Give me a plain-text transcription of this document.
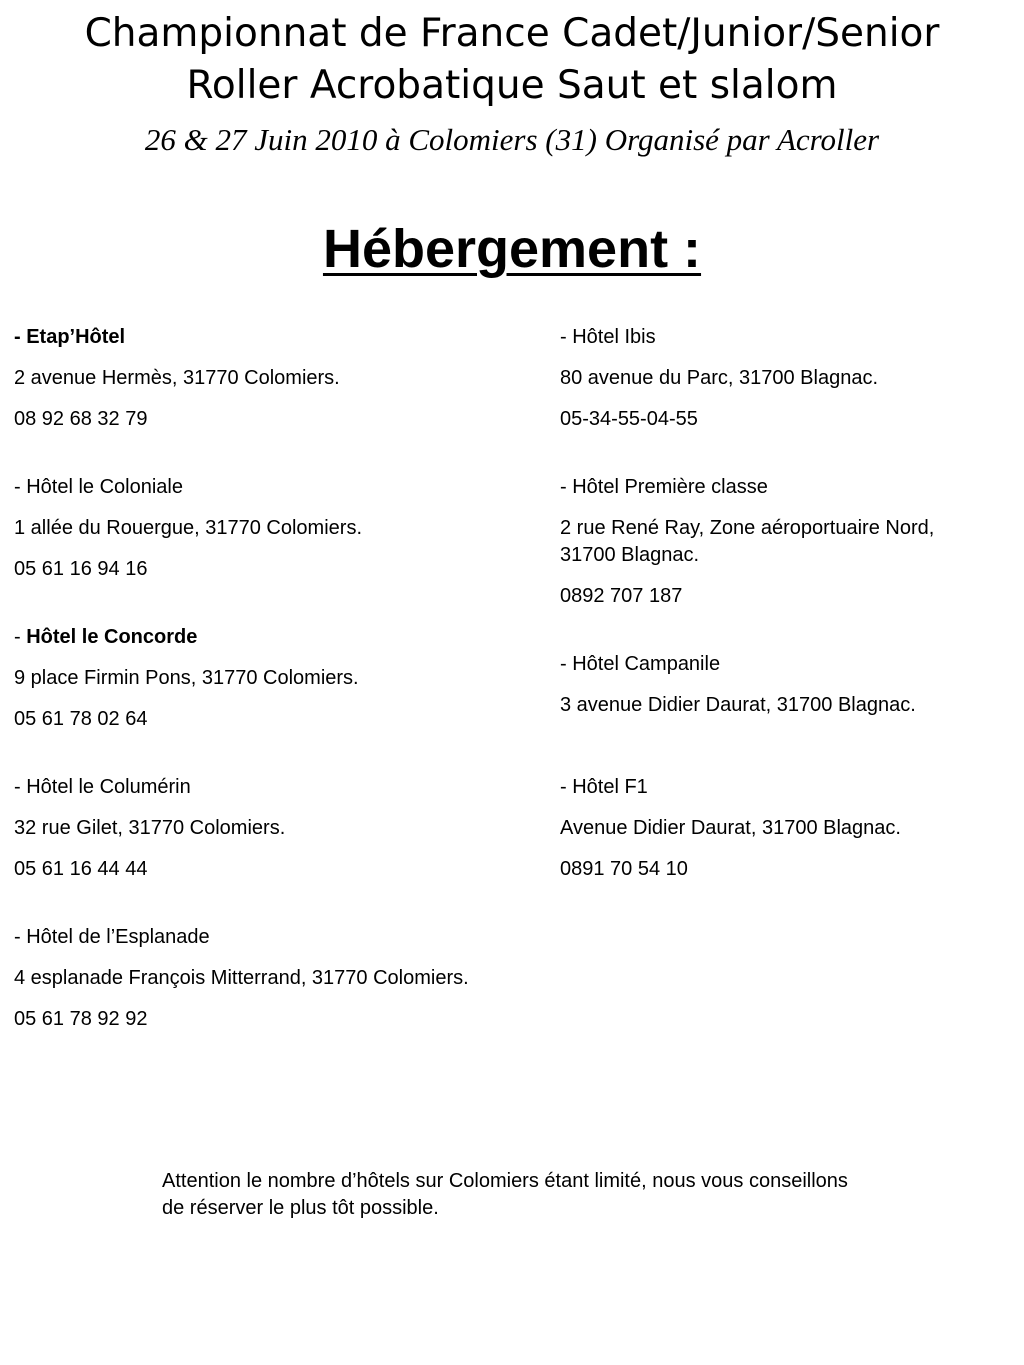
Championnat de France Cadet/Junior/Senior

Roller Acrobatique Saut et slalom

26 & 27 Juin 2010 à Colomiers (31) Organisé par Acroller
Hébergement :
- Etap’Hôtel
2 avenue Hermès, 31770 Colomiers.
08 92 68 32 79
- Hôtel le Coloniale
1 allée du Rouergue, 31770 Colomiers.
05 61 16 94 16
- Hôtel le Concorde
9 place Firmin Pons, 31770 Colomiers.
05 61 78 02 64
- Hôtel le Columérin
32 rue Gilet, 31770 Colomiers.
05 61 16 44 44
- Hôtel de l’Esplanade
4 esplanade François Mitterrand, 31770 Colomiers.
05 61 78 92 92
- Hôtel Ibis
80 avenue du Parc, 31700 Blagnac.
05-34-55-04-55
- Hôtel Première classe
2 rue René Ray, Zone aéroportuaire Nord, 31700 Blagnac.
0892 707 187
- Hôtel Campanile
3 avenue Didier Daurat, 31700 Blagnac.
- Hôtel F1
Avenue Didier Daurat, 31700 Blagnac.
0891 70 54 10
Attention le nombre d’hôtels sur Colomiers étant limité, nous vous conseillons de réserver le plus tôt possible.
